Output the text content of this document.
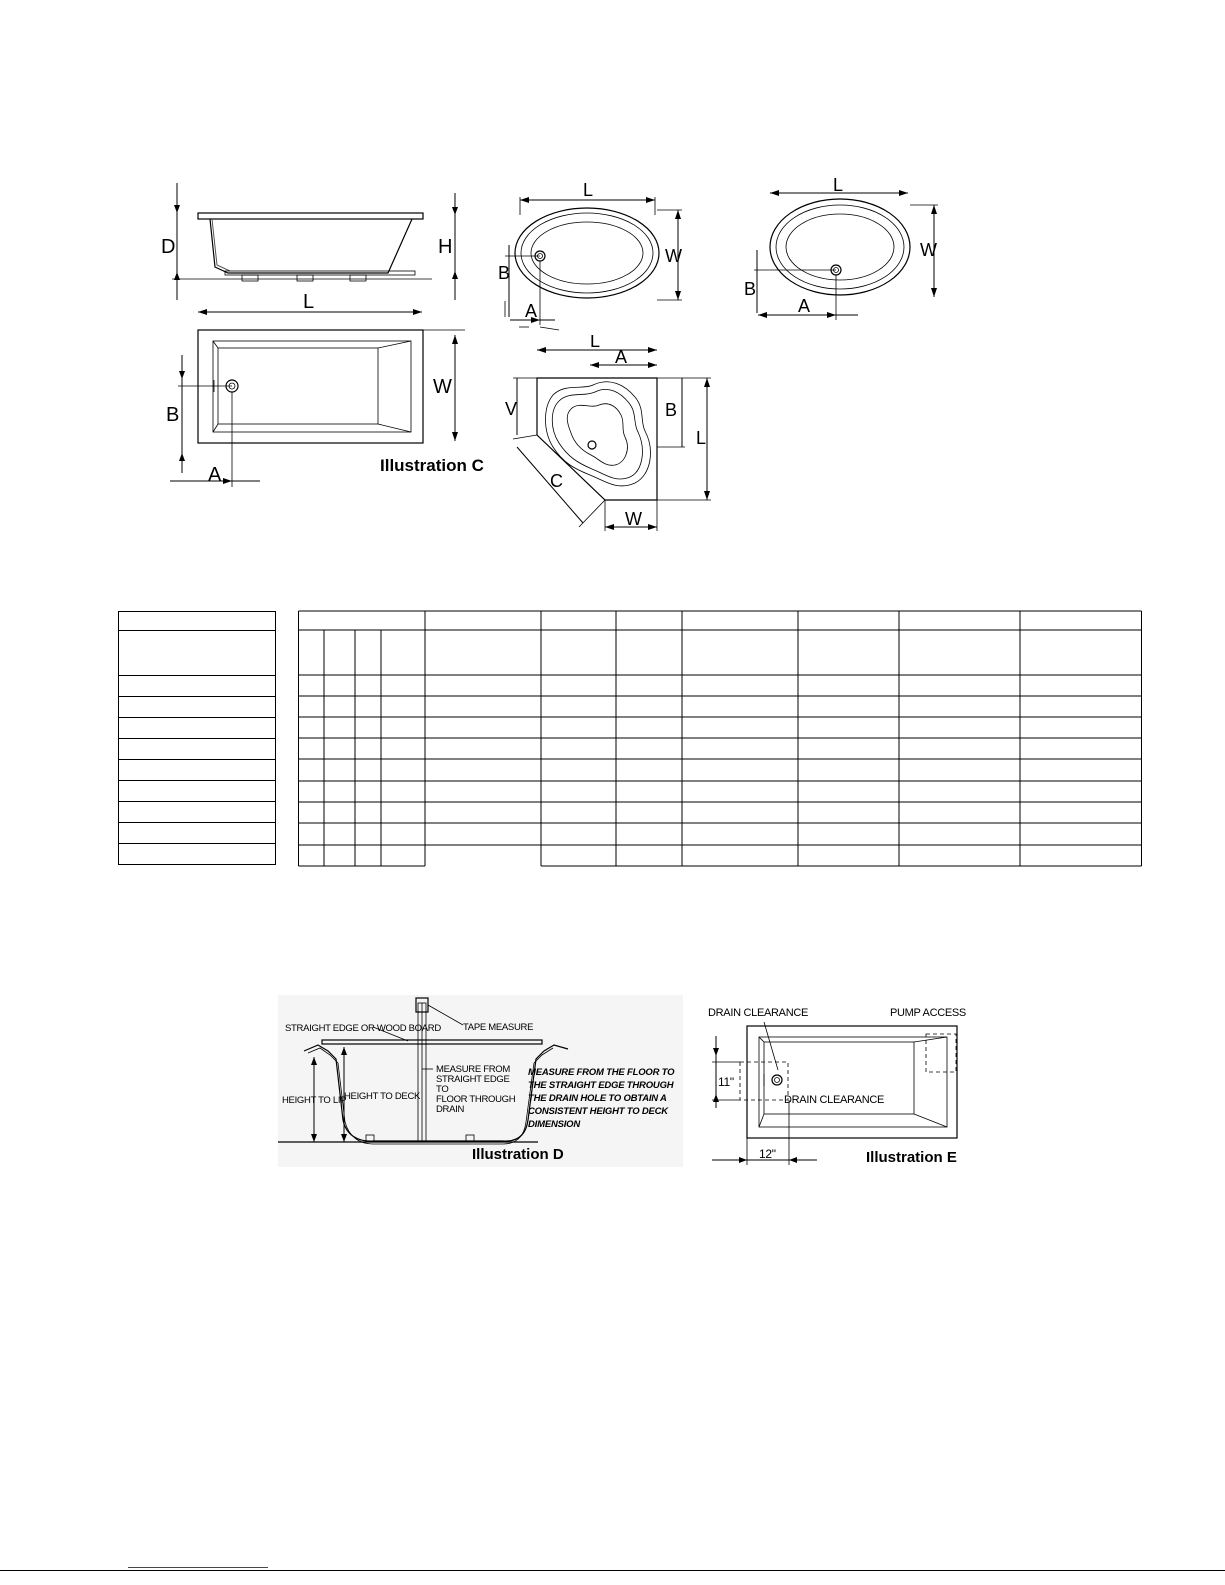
D	H
L
W
B
A	Illustration C
L
W
B
A
L
W
B
A
L
A
V	B
L
C
W

STRAIGHT EDGE OR WOOD BOARD TAPE MEASURE
HEIGHT TO LIP
HEIGHT TO DECK
MEASURE FROM
STRAIGHT EDGE
TO
FLOOR THROUGH
DRAIN
MEASURE FROM THE FLOOR TO
THE STRAIGHT EDGE THROUGH
THE DRAIN HOLE TO OBTAIN A
CONSISTENT HEIGHT TO DECK
DIMENSION
Illustration D
DRAIN CLEARANCE	PUMP ACCESS
11"
12"
DRAIN CLEARANCE
Illustration E
